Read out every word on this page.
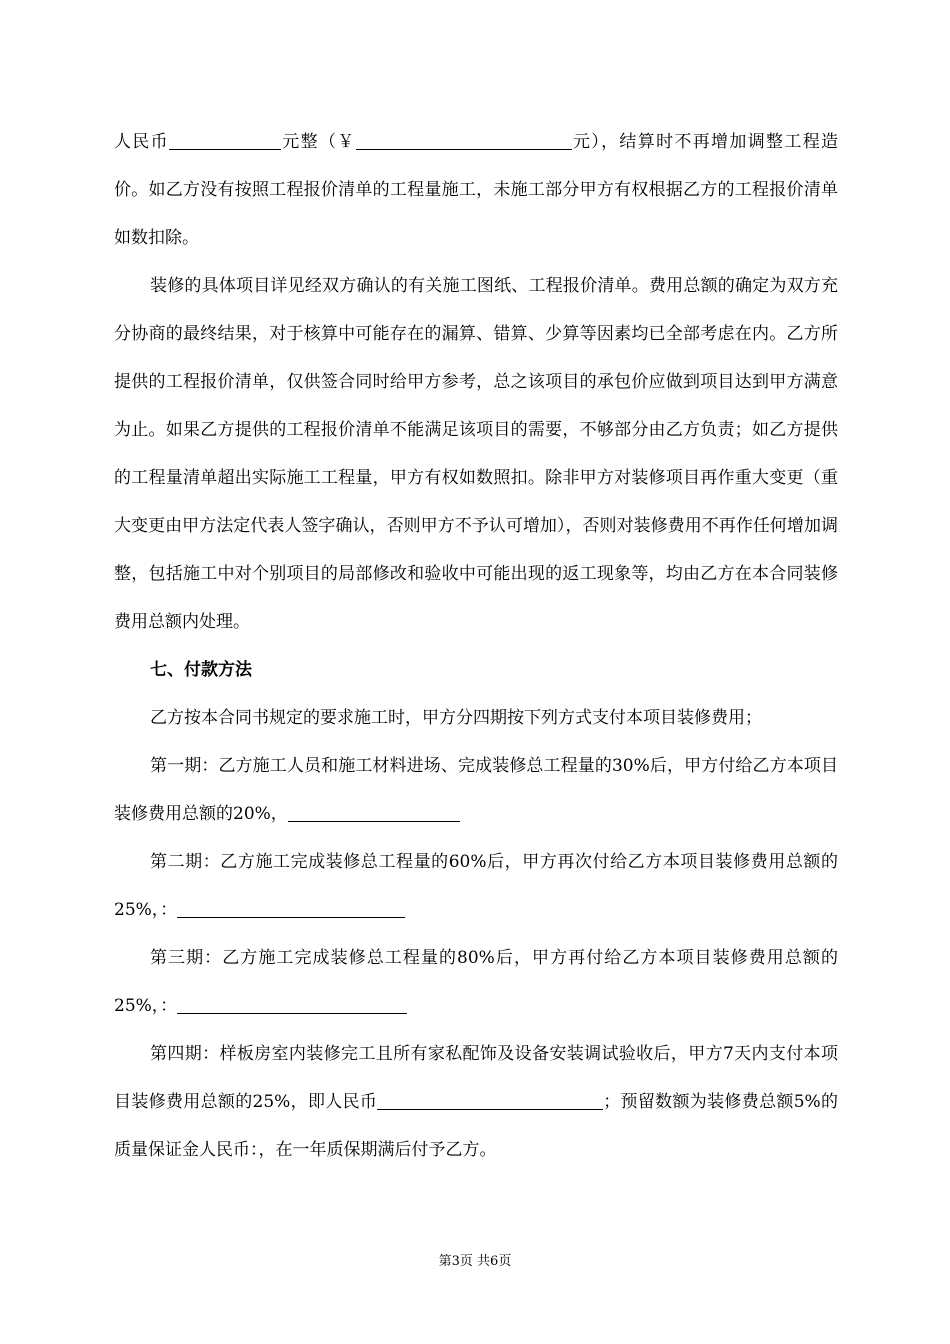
人民币	元整（￥	元），结算时不再增加调整工程造价。如乙方没有按照工程报价清单的工程量施工，未施工部分甲方有权根据乙方的工程报价清单如数扣除。

装修的具体项目详见经双方确认的有关施工图纸、工程报价清单。费用总额的确定为双方充分协商的最终结果，对于核算中可能存在的漏算、错算、少算等因素均已全部考虑在内。乙方所提供的工程报价清单，仅供签合同时给甲方参考，总之该项目的承包价应做到项目达到甲方满意为止。如果乙方提供的工程报价清单不能满足该项目的需要，不够部分由乙方负责；如乙方提供的工程量清单超出实际施工工程量，甲方有权如数照扣。除非甲方对装修项目再作重大变更（重大变更由甲方法定代表人签字确认，否则甲方不予认可增加），否则对装修费用不再作任何增加调整，包括施工中对个别项目的局部修改和验收中可能出现的返工现象等，均由乙方在本合同装修费用总额内处理。

七、付款方法

乙方按本合同书规定的要求施工时，甲方分四期按下列方式支付本项目装修费用；

第一期：乙方施工人员和施工材料进场、完成装修总工程量的30%后，甲方付给乙方本项目装修费用总额的20%，

第二期：乙方施工完成装修总工程量的60%后，甲方再次付给乙方本项目装修费用总额的25%，：

第三期：乙方施工完成装修总工程量的80%后，甲方再付给乙方本项目装修费用总额的25%，：

第四期：样板房室内装修完工且所有家私配饰及设备安装调试验收后，甲方7天内支付本项目装修费用总额的25%，即人民币	；预留数额为装修费总额5%的质量保证金人民币：，在一年质保期满后付予乙方。

第3页 共6页
